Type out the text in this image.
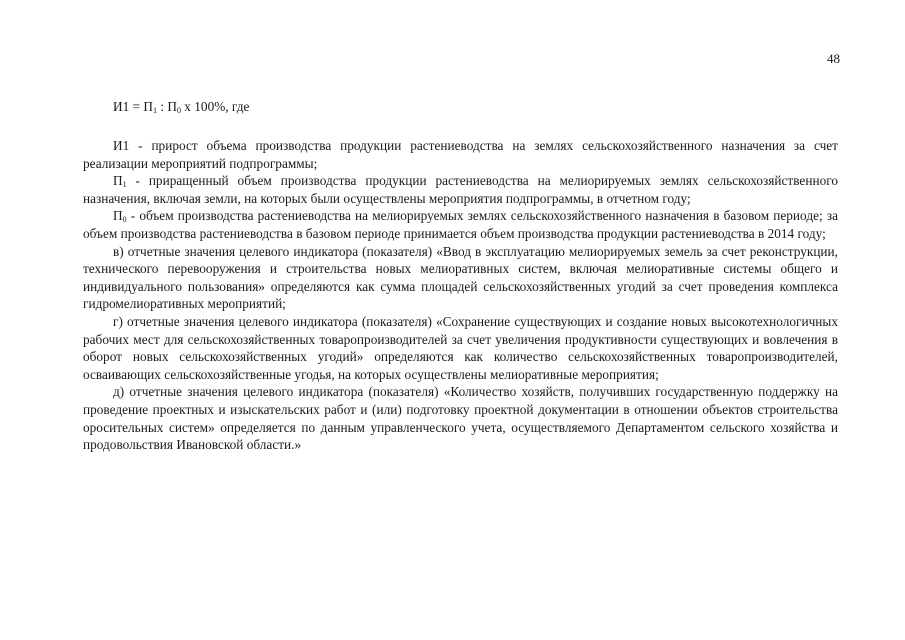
48
$И1 = П_1$ : $П_0$ х 100%, где

И1 - прирост объема производства продукции растениеводства на землях сельскохозяйственного назначения за счет реализации мероприятий подпрограммы;

$П_1$ - приращенный объем производства продукции растениеводства на мелиорируемых землях сельскохозяйственного назначения, включая земли, на которых были осуществлены мероприятия подпрограммы, в отчетном году;

$П_0$ - объем производства растениеводства на мелиорируемых землях сельскохозяйственного назначения в базовом периоде; за объем производства растениеводства в базовом периоде принимается объем производства продукции растениеводства в 2014 году;

в) отчетные значения целевого индикатора (показателя) «Ввод в эксплуатацию мелиорируемых земель за счет реконструкции, технического перевооружения и строительства новых мелиоративных систем, включая мелиоративные системы общего и индивидуального пользования» определяются как сумма площадей сельскохозяйственных угодий за счет проведения комплекса гидромелиоративных мероприятий;

г) отчетные значения целевого индикатора (показателя) «Сохранение существующих и создание новых высокотехнологичных рабочих мест для сельскохозяйственных товаропроизводителей за счет увеличения продуктивности существующих и вовлечения в оборот новых сельскохозяйственных угодий» определяются как количество сельскохозяйственных товаропроизводителей, осваивающих сельскохозяйственные угодья, на которых осуществлены мелиоративные мероприятия;

д) отчетные значения целевого индикатора (показателя) «Количество хозяйств, получивших государственную поддержку на проведение проектных и изыскательских работ и (или) подготовку проектной документации в отношении объектов строительства оросительных систем» определяется по данным управленческого учета, осуществляемого Департаментом сельского хозяйства и продовольствия Ивановской области.»
